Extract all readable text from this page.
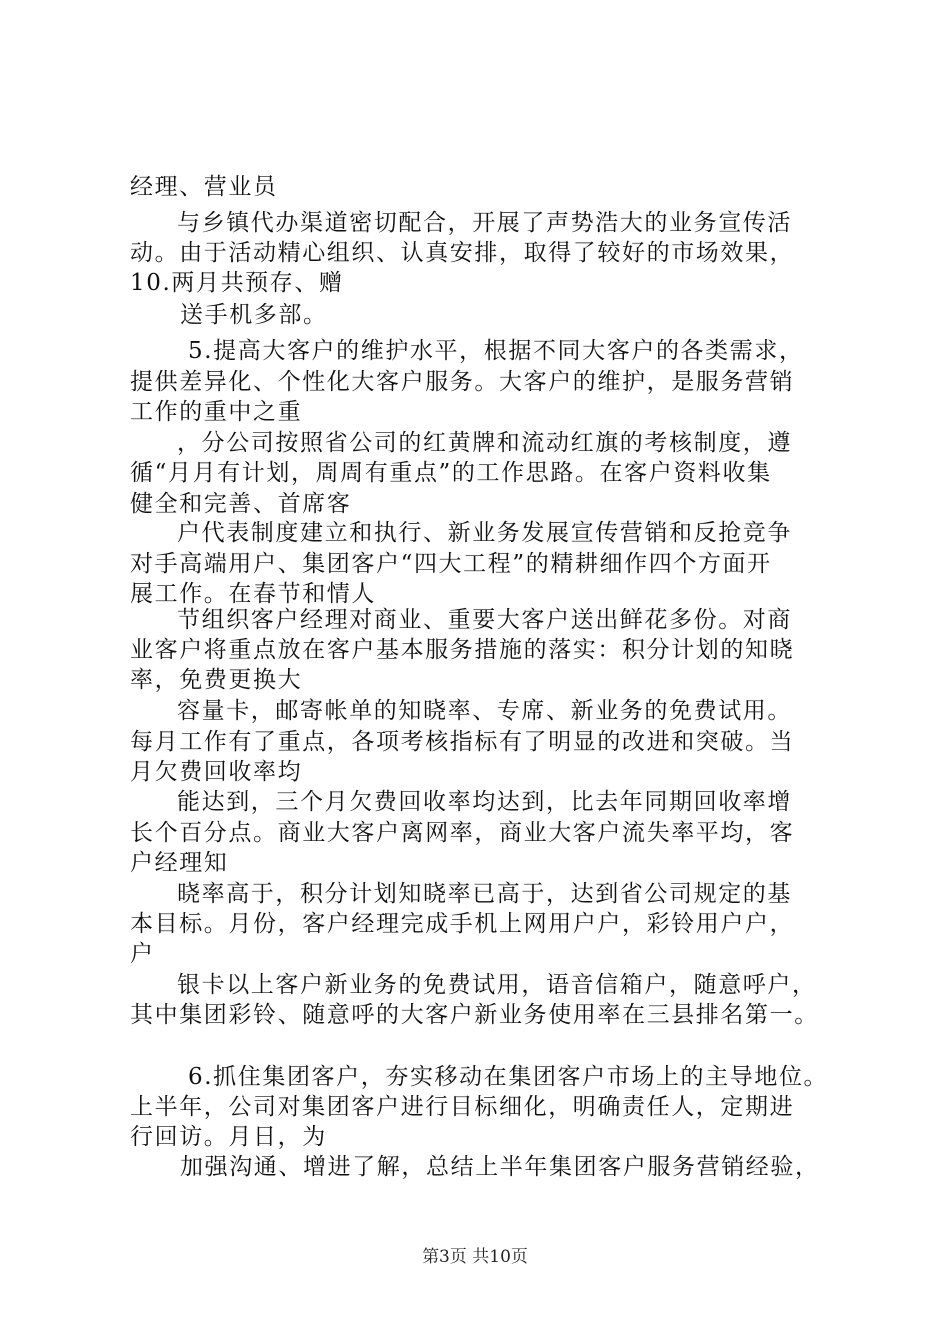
经理、营业员
与乡镇代办渠道密切配合，开展了声势浩大的业务宣传活
动。由于活动精心组织、认真安排，取得了较好的市场效果，
10.两月共预存、赠
送手机多部。
5.提高大客户的维护水平，根据不同大客户的各类需求，
提供差异化、个性化大客户服务。大客户的维护，是服务营销
工作的重中之重
，分公司按照省公司的红黄牌和流动红旗的考核制度，遵
循“月月有计划，周周有重点”的工作思路。在客户资料收集
健全和完善、首席客
户代表制度建立和执行、新业务发展宣传营销和反抢竞争
对手高端用户、集团客户“四大工程”的精耕细作四个方面开
展工作。在春节和情人
节组织客户经理对商业、重要大客户送出鲜花多份。对商
业客户将重点放在客户基本服务措施的落实：积分计划的知晓
率，免费更换大
容量卡，邮寄帐单的知晓率、专席、新业务的免费试用。
每月工作有了重点，各项考核指标有了明显的改进和突破。当
月欠费回收率均
能达到，三个月欠费回收率均达到，比去年同期回收率增
长个百分点。商业大客户离网率，商业大客户流失率平均，客
户经理知
晓率高于，积分计划知晓率已高于，达到省公司规定的基
本目标。月份，客户经理完成手机上网用户户，彩铃用户户，
户
银卡以上客户新业务的免费试用，语音信箱户，随意呼户，
其中集团彩铃、随意呼的大客户新业务使用率在三县排名第一。
6.抓住集团客户，夯实移动在集团客户市场上的主导地位。
上半年，公司对集团客户进行目标细化，明确责任人，定期进
行回访。月日，为
加强沟通、增进了解，总结上半年集团客户服务营销经验，
第3页 共10页
